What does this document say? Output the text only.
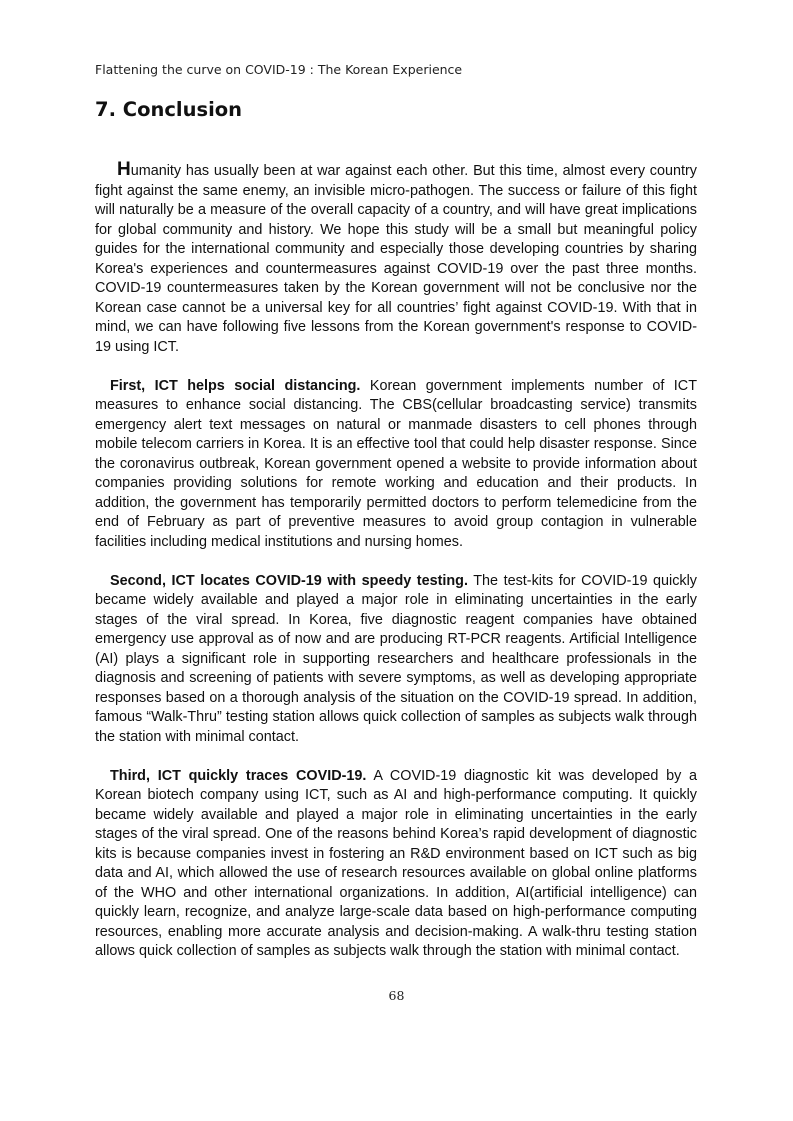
Flattening the curve on COVID-19 : The Korean Experience
7. Conclusion

Humanity has usually been at war against each other. But this time, almost every country fight against the same enemy, an invisible micro-pathogen. The success or failure of this fight will naturally be a measure of the overall capacity of a country, and will have great implications for global community and history. We hope this study will be a small but meaningful policy guides for the international community and especially those developing countries by sharing Korea's experiences and countermeasures against COVID-19 over the past three months. COVID-19 countermeasures taken by the Korean government will not be conclusive nor the Korean case cannot be a universal key for all countries’ fight against COVID-19. With that in mind, we can have following five lessons from the Korean government's response to COVID-19 using ICT.

First, ICT helps social distancing. Korean government implements number of ICT measures to enhance social distancing. The CBS(cellular broadcasting service) transmits emergency alert text messages on natural or manmade disasters to cell phones through mobile telecom carriers in Korea. It is an effective tool that could help disaster response. Since the coronavirus outbreak, Korean government opened a website to provide information about companies providing solutions for remote working and education and their products. In addition, the government has temporarily permitted doctors to perform telemedicine from the end of February as part of preventive measures to avoid group contagion in vulnerable facilities including medical institutions and nursing homes.

Second, ICT locates COVID-19 with speedy testing. The test-kits for COVID-19 quickly became widely available and played a major role in eliminating uncertainties in the early stages of the viral spread. In Korea, five diagnostic reagent companies have obtained emergency use approval as of now and are producing RT-PCR reagents. Artificial Intelligence (AI) plays a significant role in supporting researchers and healthcare professionals in the diagnosis and screening of patients with severe symptoms, as well as developing appropriate responses based on a thorough analysis of the situation on the COVID-19 spread. In addition, famous “Walk-Thru” testing station allows quick collection of samples as subjects walk through the station with minimal contact.

Third, ICT quickly traces COVID-19. A COVID-19 diagnostic kit was developed by a Korean biotech company using ICT, such as AI and high-performance computing. It quickly became widely available and played a major role in eliminating uncertainties in the early stages of the viral spread. One of the reasons behind Korea’s rapid development of diagnostic kits is because companies invest in fostering an R&D environment based on ICT such as big data and AI, which allowed the use of research resources available on global online platforms of the WHO and other international organizations. In addition, AI(artificial intelligence) can quickly learn, recognize, and analyze large-scale data based on high-performance computing resources, enabling more accurate analysis and decision-making. A walk-thru testing station allows quick collection of samples as subjects walk through the station with minimal contact.

68
